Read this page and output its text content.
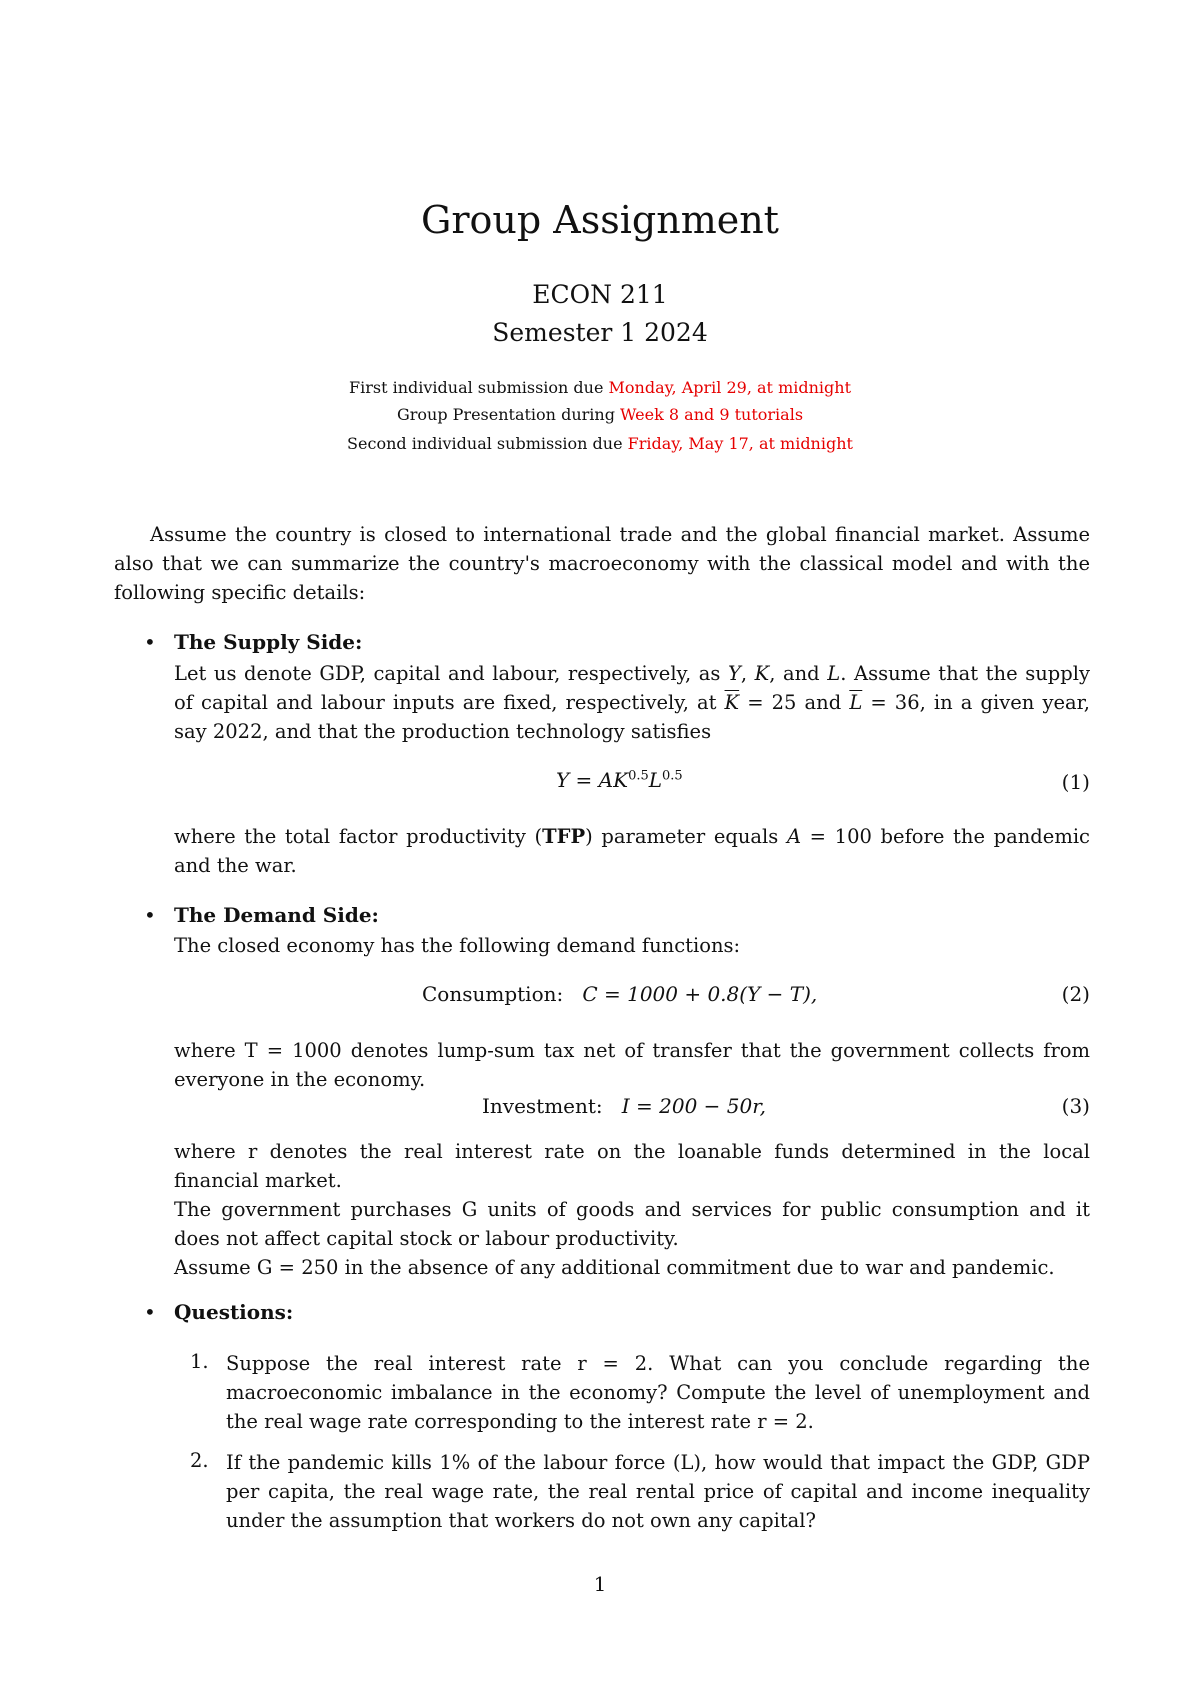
Group Assignment
ECON 211
Semester 1 2024
First individual submission due Monday, April 29, at midnight
Group Presentation during Week 8 and 9 tutorials
Second individual submission due Friday, May 17, at midnight
Assume the country is closed to international trade and the global financial market. Assume also that we can summarize the country's macroeconomy with the classical model and with the following specific details:
• The Supply Side:
Let us denote GDP, capital and labour, respectively, as Y, K, and L. Assume that the supply of capital and labour inputs are fixed, respectively, at $\overline{K} = 25$ and $\overline{L} = 36$, in a given year, say 2022, and that the production technology satisfies
$Y = AK^{0.5}L^{0.5}$	(1)
where the total factor productivity (TFP) parameter equals A = 100 before the pandemic and the war.
• The Demand Side:
The closed economy has the following demand functions:
Consumption: C = 1000 + 0.8(Y − T),	(2)
where T = 1000 denotes lump-sum tax net of transfer that the government collects from everyone in the economy.
Investment: I = 200 − 50r,	(3)
where r denotes the real interest rate on the loanable funds determined in the local financial market.
The government purchases G units of goods and services for public consumption and it does not affect capital stock or labour productivity.
Assume G = 250 in the absence of any additional commitment due to war and pandemic.
• Questions:
1. Suppose the real interest rate r = 2. What can you conclude regarding the macroeconomic imbalance in the economy? Compute the level of unemployment and the real wage rate corresponding to the interest rate r = 2.
2. If the pandemic kills 1% of the labour force (L), how would that impact the GDP, GDP per capita, the real wage rate, the real rental price of capital and income inequality under the assumption that workers do not own any capital?
1
